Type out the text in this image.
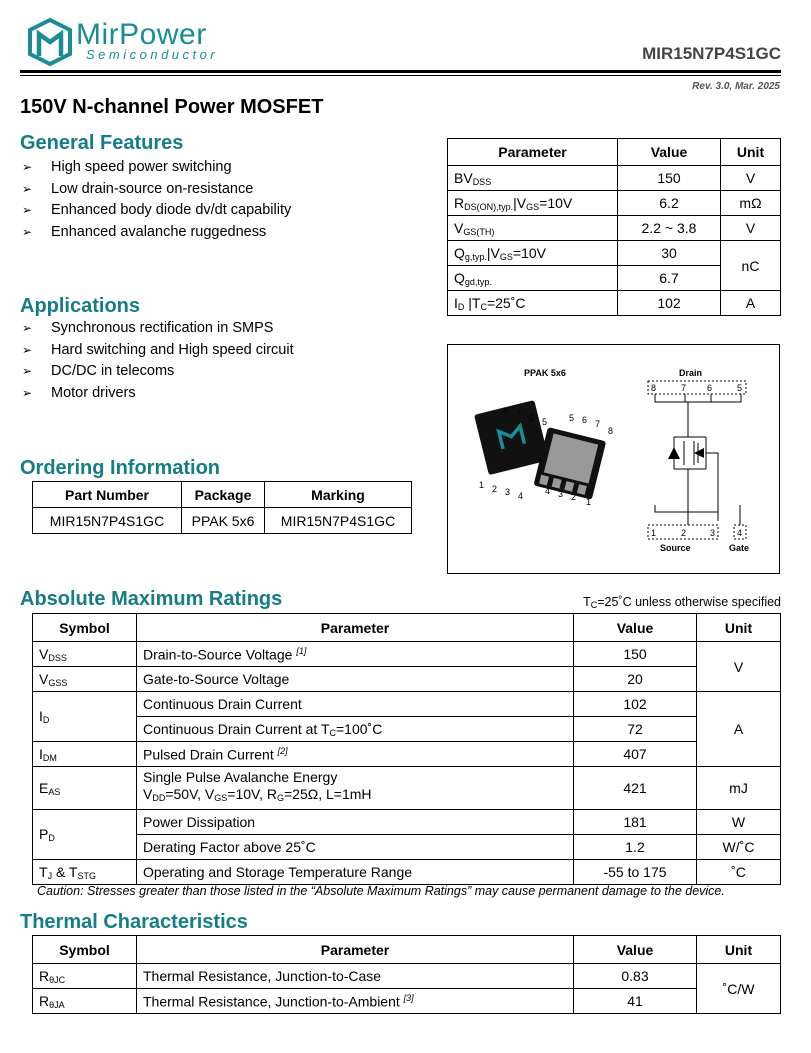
MirPower
Semiconductor	MIR15N7P4S1GC
Rev. 3.0, Mar. 2025
150V N-channel Power MOSFET
General Features
➢ High speed power switching
➢ Low drain-source on-resistance
➢ Enhanced body diode dv/dt capability
➢ Enhanced avalanche ruggedness
Parameter	Value	Unit
$BV_{DSS}$	150	V
$R_{DS(ON),typ.}|V_{GS}=10V$	6.2	mΩ
$V_{GS(TH)}$	2.2 ~ 3.8	V
$Q_{g,typ.}|V_{GS}=10V$	30	nC
$Q_{gd,typ.}$	6.7	
$I_D$ $|T_C=25˚C$	102	A
Applications
➢ Synchronous rectification in SMPS
➢ Hard switching and High speed circuit
➢ DC/DC in telecoms
➢ Motor drivers
PPAK 5x6
8 7 6 5
1 2 3 4
5 6 7
8
4 3 2 1
Drain
8	7 6	5
1	2	3 4
Source	Gate
Ordering Information
Part Number	Package	Marking
MIR15N7P4S1GC	PPAK 5x6	MIR15N7P4S1GC
Absolute Maximum Ratings	$T_C=25˚C$ unless otherwise specified
Symbol	Parameter	Value	Unit
$V_{DSS}$	Drain-to-Source Voltage [1]	150	V
$V_{GSS}$	Gate-to-Source Voltage	20	
$I_D$	Continuous Drain Current	102	A
	Continuous Drain Current at $T_C=100˚C$	72	
$I_{DM}$	Pulsed Drain Current [2]	407	
$E_{AS}$	Single Pulse Avalanche Energy
$V_{DD}=50V$, $V_{GS}=10V$, $R_G=25\Omega$, L=1mH	421	mJ
$P_D$	Power Dissipation	181	W
	Derating Factor above 25˚C	1.2	W/˚C
$T_J$ & $T_{STG}$	Operating and Storage Temperature Range	-55 to 175	˚C
Caution: Stresses greater than those listed in the “Absolute Maximum Ratings” may cause permanent damage to the device.
Thermal Characteristics
Symbol	Parameter	Value	Unit
$R_{\theta JC}$	Thermal Resistance, Junction-to-Case	0.83	˚C/W
$R_{\theta JA}$	Thermal Resistance, Junction-to-Ambient [3]	41	
